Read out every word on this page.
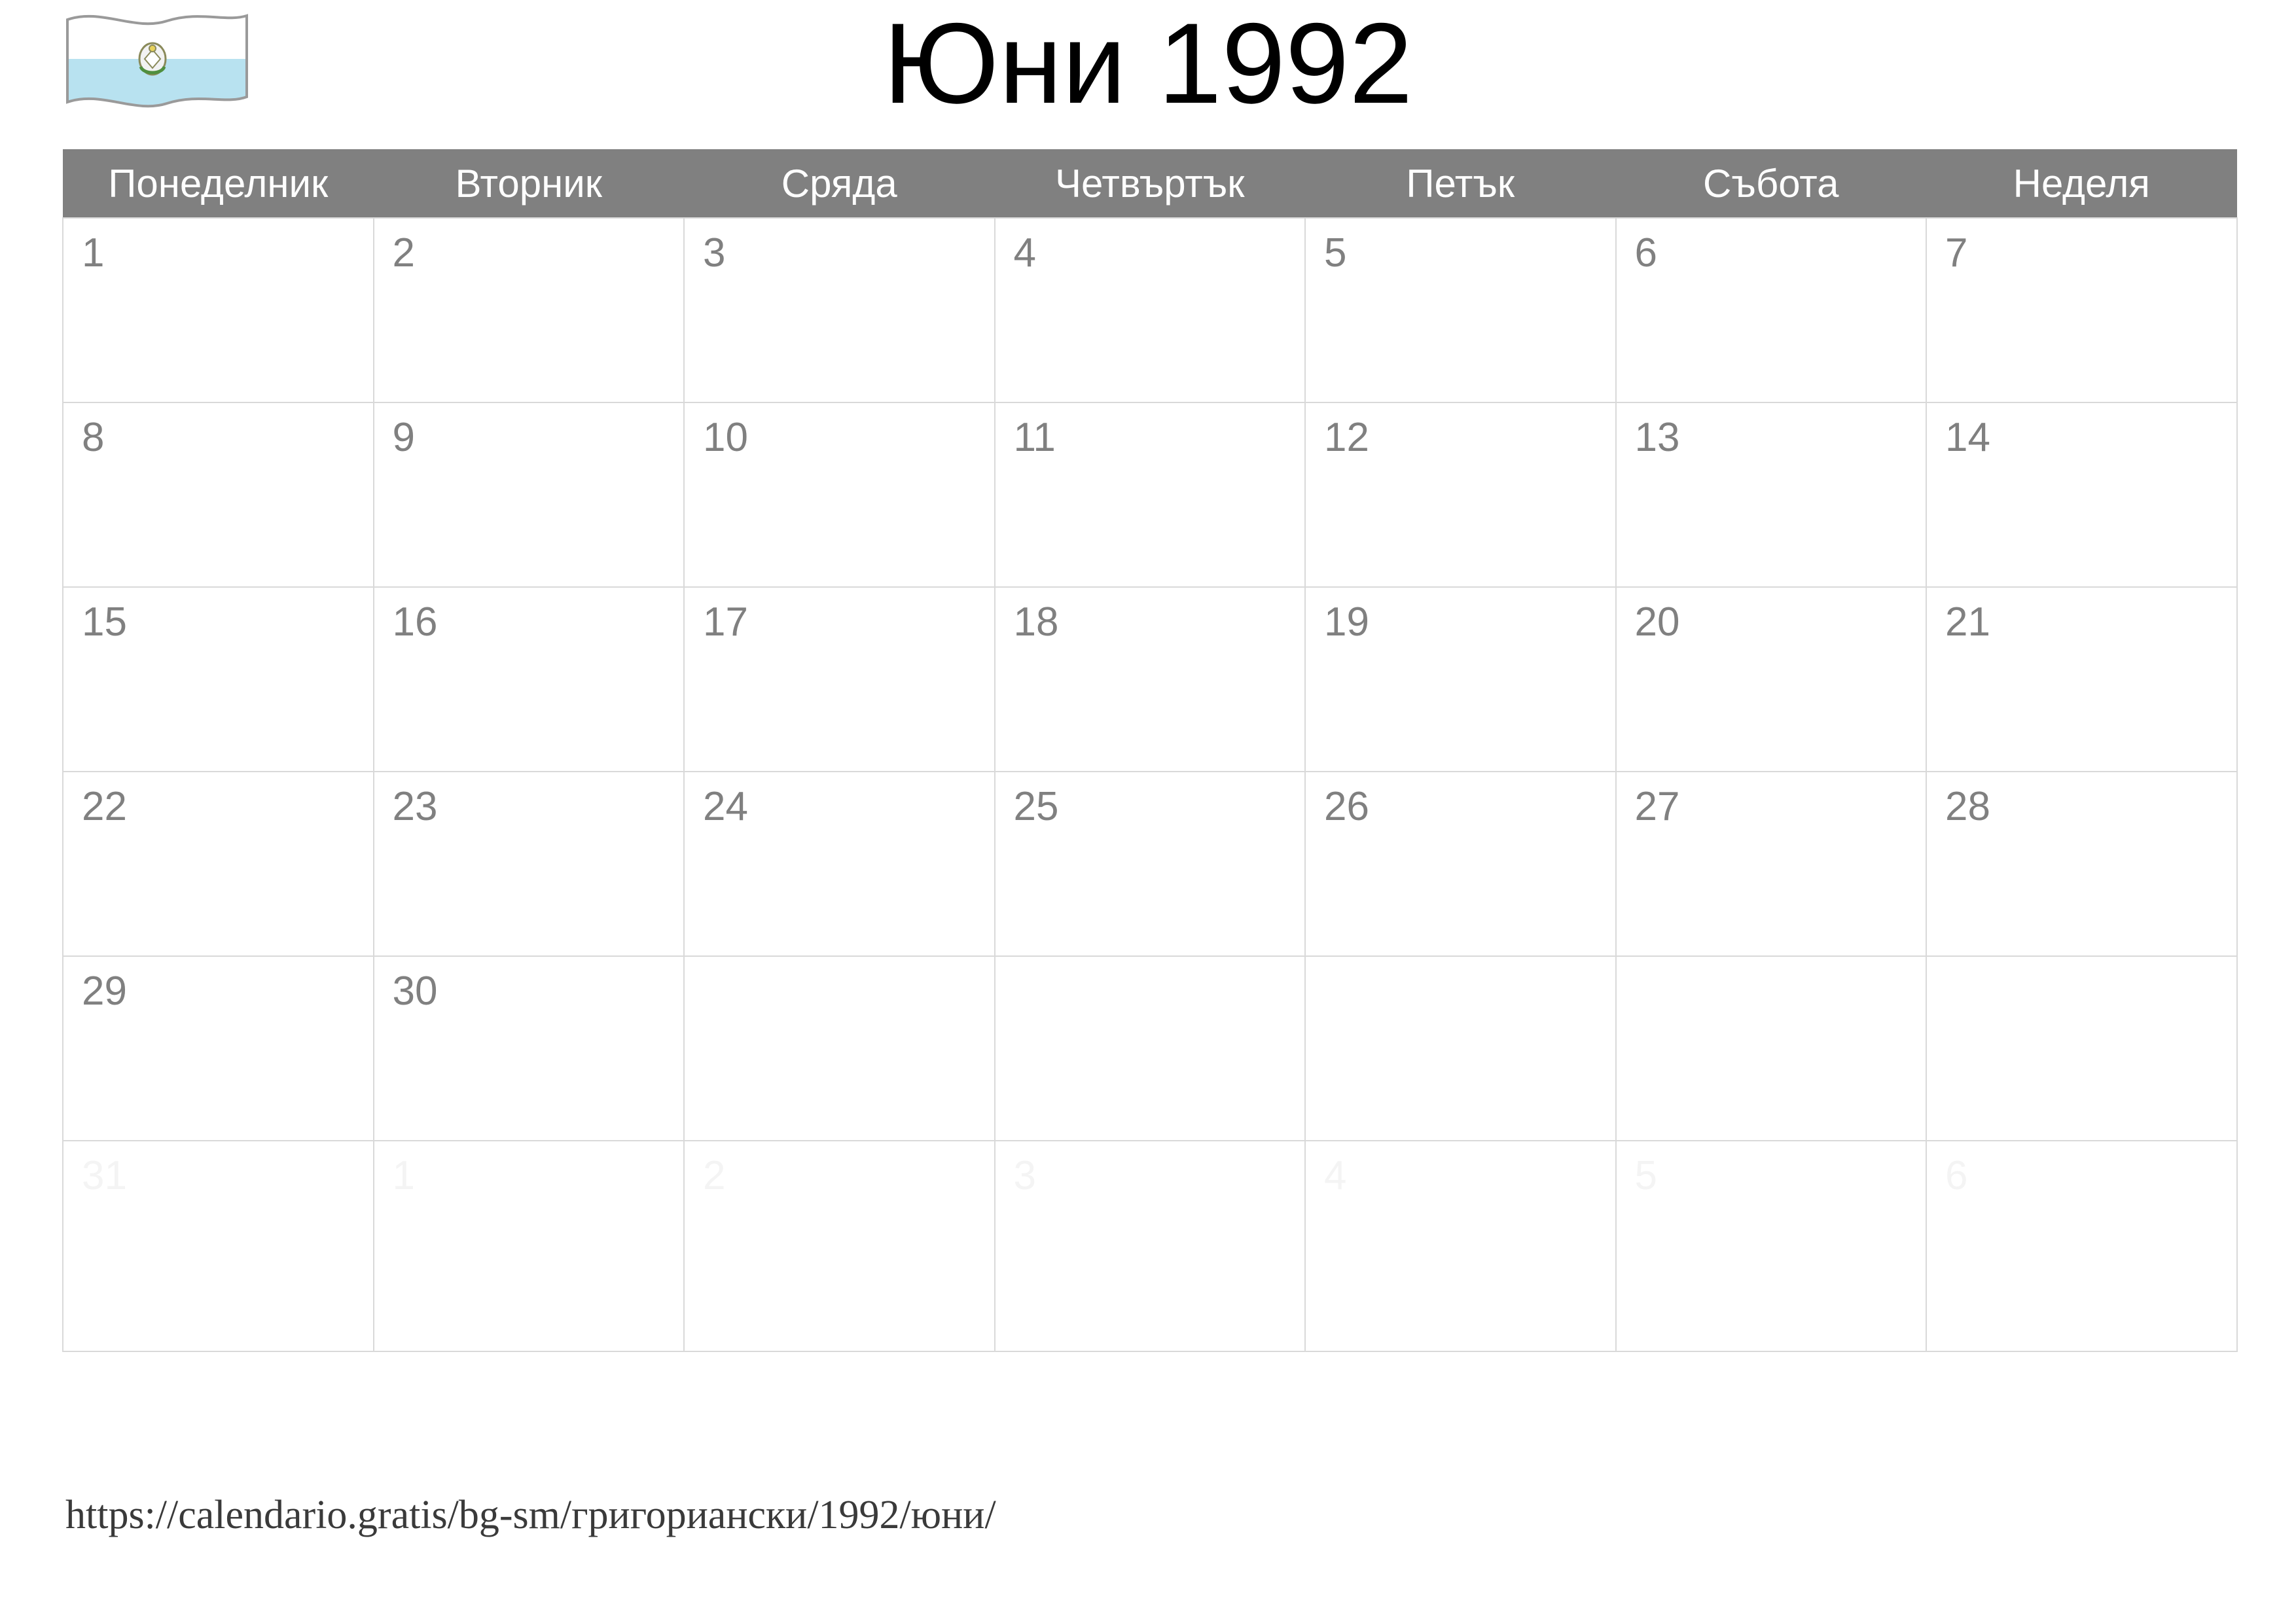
Юни 1992
Понеделник	Вторник	Сряда	Четвъртък	Петък	Събота	Неделя

1	2	3	4	5	6	7

8	9	10	11	12	13	14

15	16	17	18	19	20	21

22	23	24	25	26	27	28

29	30					

31	1	2	3	4	5	6
https://calendario.gratis/bg-sm/григориански/1992/юни/
